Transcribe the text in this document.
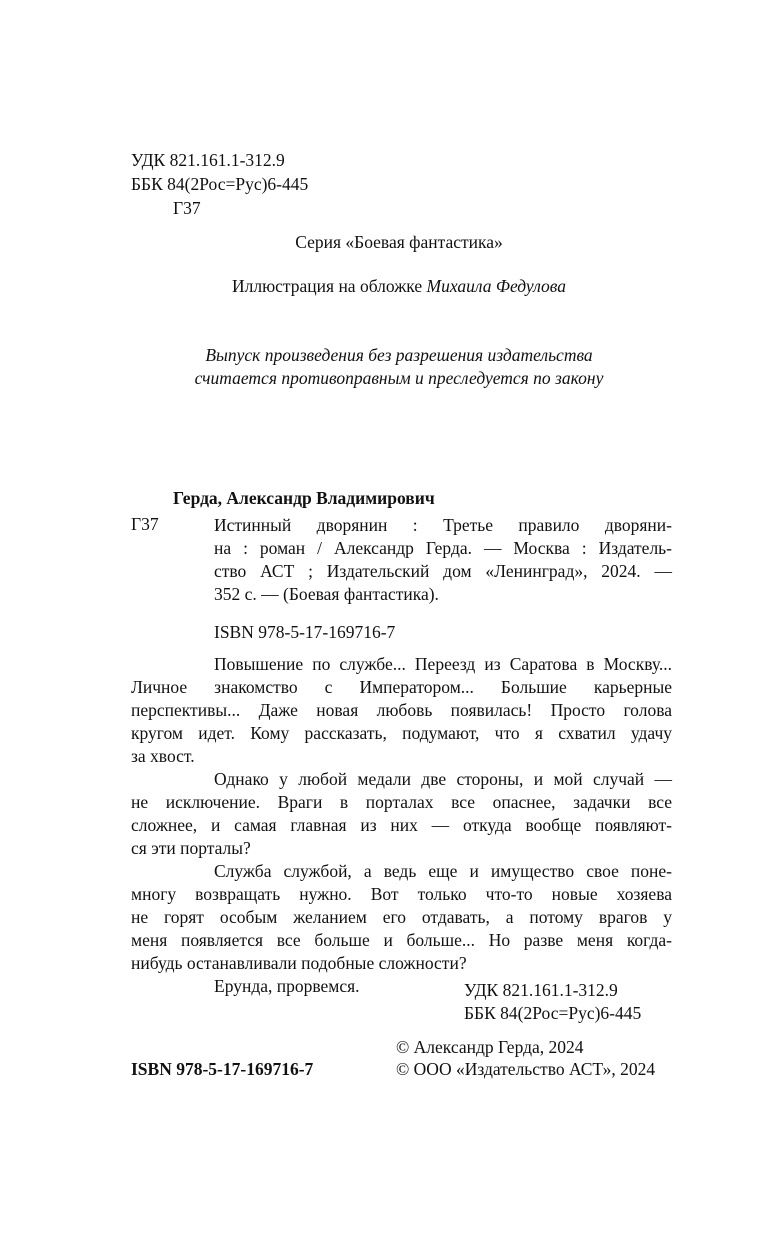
УДК 821.161.1-312.9
ББК 84(2Рос=Рус)6-445
Г37
Серия «Боевая фантастика»
Иллюстрация на обложке Михаила Федулова
Выпуск произведения без разрешения издательства
считается противоправным и преследуется по закону
Герда, Александр Владимирович
Г37	Истинный дворянин : Третье правило дворяни-
на : роман / Александр Герда. — Москва : Издатель-
ство АСТ ; Издательский дом «Ленинград», 2024. —
352 с. — (Боевая фантастика).
ISBN 978-5-17-169716-7
Повышение по службе... Переезд из Саратова в Москву...
Личное знакомство с Императором... Большие карьерные
перспективы... Даже новая любовь появилась! Просто голова
кругом идет. Кому рассказать, подумают, что я схватил удачу
за хвост.
Однако у любой медали две стороны, и мой случай —
не исключение. Враги в порталах все опаснее, задачки все
сложнее, и самая главная из них — откуда вообще появляют-
ся эти порталы?
Служба службой, а ведь еще и имущество свое поне-
многу возвращать нужно. Вот только что-то новые хозяева
не горят особым желанием его отдавать, а потому врагов у
меня появляется все больше и больше... Но разве меня когда-
нибудь останавливали подобные сложности?
Ерунда, прорвемся.	УДК 821.161.1-312.9
ББК 84(2Рос=Рус)6-445
ISBN 978-5-17-169716-7
© Александр Герда, 2024
© ООО «Издательство АСТ», 2024
